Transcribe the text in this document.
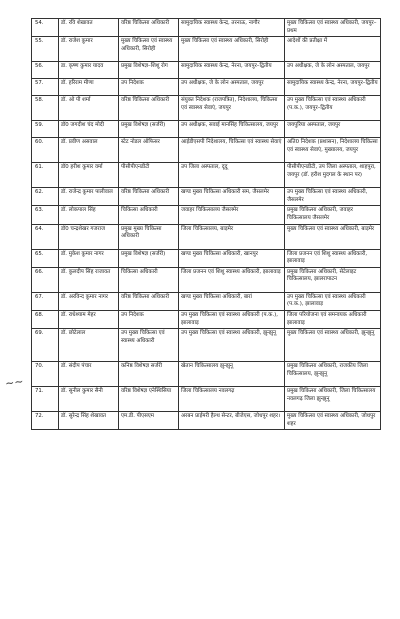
54.	डॉ. रवि शेखावत	वरिष्ठ चिकित्सा अधिकारी	सामुदायिक स्वास्थ्य केन्द्र, तरनाऊ, नागौर	मुख्य चिकित्सा एवं स्वास्थ्य अधिकारी, जयपुर–प्रथम
55.	डॉ. राजेश कुमार	मुख्य चिकित्सा एवं स्वास्थ्य अधिकारी, सिरोही	मुख्य चिकित्सा एवं स्वास्थ्य अधिकारी, सिरोही	आदेशों की प्रतीक्षा में
56.	डा. कृष्ण कुमार यादव	प्रमुख विशेषज्ञ–शिशु रोग	सामुदायिक स्वास्थ्य केन्द्र, नेरना, जयपुर–द्वितीय	उप अधीक्षक, जे के लोन अस्पताल, जयपुर
57.	डॉ. हरिराम मीणा	उप निदेशक	उप अधीक्षक, जे के लोन अस्पताल, जयपुर	सामुदायिक स्वास्थ्य केन्द्र, नेरना, जयपुर–द्वितीय
58.	डॉ. ओ पी शर्मा	वरिष्ठ चिकित्सा अधिकारी	संयुक्त निदेशक (राजपत्रित), निदेशालय, चिकित्सा एवं स्वास्थ्य सेवाएं, जयपुर	उप मुख्य चिकित्सा एवं स्वास्थ्य अधिकारी (प.क.), जयपुर–द्वितीय
59.	डॉ0 जगदीश चंद मोदी	प्रमुख विशेषज्ञ (सर्जरी)	उप अधीक्षक, सवाई मानसिंह चिकित्सालय, जयपुर	जयपुरिया अस्पताल, जयपुर
60.	डॉ. प्रवीण असवाल	स्टेट नोडल ऑफिसर	आईडीएसपी निदेशालय, चिकित्सा एवं स्वास्थ्य सेवाएं	अति0 निदेशक (प्रशासन), निदेशालय चिकित्सा एवं स्वास्थ्य सेवाएं, मुख्यालय, जयपुर
61.	डॉ0 हरीश कुमार वर्मा	पीसीपीएनडीटी	उप जिला अस्पताल, दूदू	पीसीपीएनडीटी, उप जिला अस्पताल, शाहपुरा, जयपुर (डॉ. हरीश मुदगल के स्थान पर)
62.	डॉ. राजेन्द्र कुमार पालीवाल	वरिष्ठ चिकित्सा अधिकारी	खण्ड मुख्य चिकित्सा अधिकारी सम, जैसलमेर	उप मुख्य चिकित्सा एवं स्वास्थ्य अधिकारी, जैसलमेर
63.	डॉ. लोकपाल सिंह	चिकित्सा अधिकारी	जवाहर चिकित्सालय जैसलमेर	प्रमुख चिकित्सा अधिकारी, जवाहर चिकित्सालय जैसलमेर
64.	डॉ0 चन्द्रशेखर गजराज	प्रमुख मुख्य चिकित्सा अधिकारी	जिला चिकित्सालय, बाड़मेर	मुख्य चिकित्सा एवं स्वास्थ्य अधिकारी, बाड़मेर
65.	डॉ. मुकेश कुमार नागर	प्रमुख विशेषज्ञ (सर्जरी)	खण्ड मुख्य चिकित्सा अधिकारी, खानपुर	जिला प्रजनन एवं शिशु स्वास्थ्य अधिकारी, झालावाड़
66.	डॉ. कुलदीप सिंह राजावत	चिकित्सा अधिकारी	जिला प्रजनन एवं शिशु स्वास्थ्य अधिकारी, झालावाड़	प्रमुख चिकित्सा अधिकारी, सेटेलाइट चिकित्सालय, झालरापाटन
67.	डॉ. अरविन्द कुमार नागर	वरिष्ठ चिकित्सा अधिकारी	खण्ड मुख्य चिकित्सा अधिकारी, बारां	उप मुख्य चिकित्सा एवं स्वास्थ्य अधिकारी (प.क.), झालावाड़
68.	डॉ. राधेश्याम मेहर	उप निदेशक	उप मुख्य चिकित्सा एवं स्वास्थ्य अधिकारी (प.क.), झालावाड़	जिला परियोजना एवं समन्वयक अधिकारी झालावाड़
69.	डॉ. छोटेलाल	उप मुख्य चिकित्सा एवं स्वास्थ्य अधिकारी	उप मुख्य चिकित्सा एवं स्वास्थ्य अधिकारी, झुन्झुनू	मुख्य चिकित्सा एवं स्वास्थ्य अधिकारी, झुन्झुनू
70.	डॉ. संदीप पंचार	कनिष्ठ विशेषज्ञ सर्जरी	खेतान चिकित्सालय झुन्झुनू	प्रमुख चिकित्सा अधिकारी, राजकीय जिला चिकित्सालय, झुन्झुनू
71.	डॉ. सुनील कुमार सैनी	वरिष्ठ विशेषज्ञ एनेस्थिसिया	जिला चिकित्सालय नवलगढ़	प्रमुख चिकित्सा अधिकारी, जिला चिकित्सालय नवलगढ़ जिला झुन्झुनू
72.	डॉ. सुरेन्द्र सिंह शेखावत	एम.डी. पीएसएम	अरबन प्राईमरी हैल्थ सेन्टर, बीजेएस, जोधपुर शहर।	मुख्य चिकित्सा एवं स्वास्थ्य अधिकारी, जोधपुर शहर
~~
